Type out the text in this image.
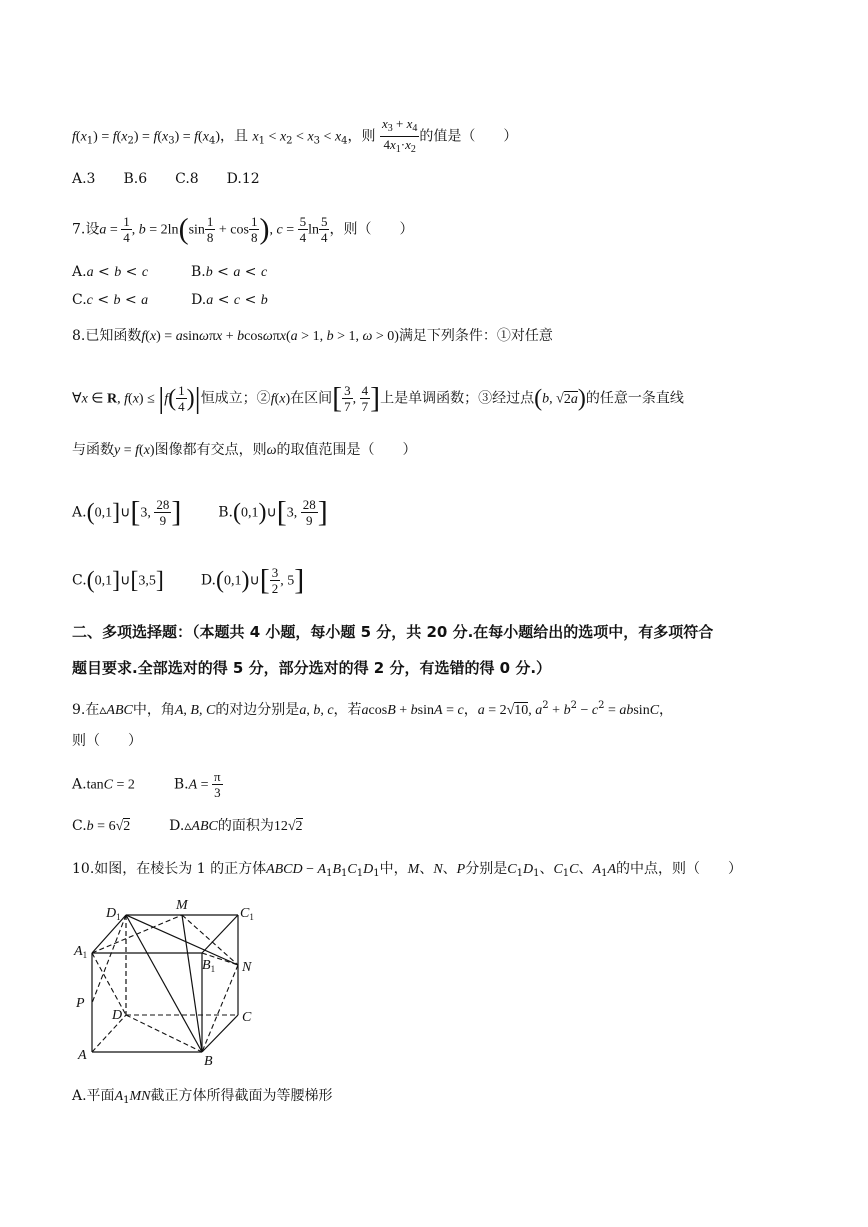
$f(x_1) = f(x_2) = f(x_3) = f(x_4)$，且 $x_1 < x_2 < x_3 < x_4$，则 $\frac{x_3 + x_4}{4x_1\cdot x_2}$ 的值是（　　）
A.3　　B.6　　C.8　　D.12
7.设$a = \frac{1}{4}$ , $b = 2\ln(\sin \frac{1}{8} + \cos \frac{1}{8}$ ), $c = \frac{5}{4}$ $\ln \frac{5}{4}$ ，则（　　）
A.a < b < c	B.b < a < c
C.c < b < a	D.a < c < b
8.已知函数f(x) = asinωπx + bcosωπx(a > 1, b > 1, ω > 0)满足下列条件：①对任意
∀x ∈ R, $f(x) \le |f( \frac{1}{4}$ )|恒成立；②f(x)在区间[ $\frac{3}{7}$ , $\frac{4}{7}$ ]上是单调函数；③经过点(b, √2a)的任意一条直线
与函数y = f(x)图像都有交点，则ω的取值范围是（　　）
A.(0,1]∪[3, $\frac{28}{9}$ ]	B.(0,1)∪[3, $\frac{28}{9}$ ]
C.(0,1]∪[3,5]	D.(0,1)∪[ $\frac{3}{2}$ , 5]
二、多项选择题：（本题共 4 小题，每小题 5 分，共 20 分.在每小题给出的选项中，有多项符合
题目要求.全部选对的得 5 分，部分选对的得 2 分，有选错的得 0 分.）
9.在▵ABC中，角A, B, C的对边分别是a, b, c，若acosB + bsinA = c，a = 2√10, $a^2 + b^2 - c^2 = absinC$，
则（　　）
A.tanC = 2	$B.A = \frac{\pi}{3}$
C.b = 6√2	D.▵ABC的面积为12√2
10.如图，在棱长为 1 的正方体ABCD − $A_1B_1C_1D_1$中，M、N、P分别是$C_1D_1$、$C_1C$、$A_1A$的中点，则（　　）
$D_1$
M
$C_1$
$A_1$
$B_1$ N
P
D	C
A	B
A.平面$A_1MN$截正方体所得截面为等腰梯形
